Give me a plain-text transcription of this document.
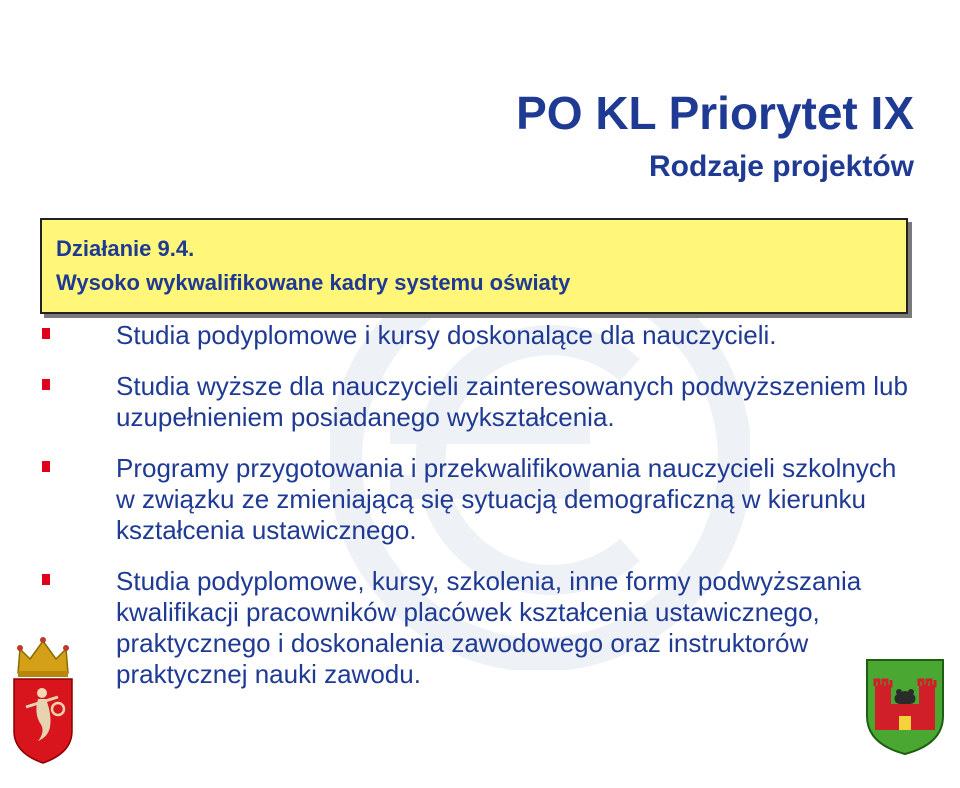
PO KL Priorytet IX
Rodzaje projektów
Działanie 9.4.
Wysoko wykwalifikowane kadry systemu oświaty
Studia podyplomowe i kursy doskonalące dla nauczycieli.
Studia wyższe dla nauczycieli zainteresowanych podwyższeniem lub uzupełnieniem posiadanego wykształcenia.
Programy przygotowania i przekwalifikowania nauczycieli szkolnych w związku ze zmieniającą się sytuacją demograficzną w kierunku kształcenia ustawicznego.
Studia podyplomowe, kursy, szkolenia, inne formy podwyższania kwalifikacji pracowników placówek kształcenia ustawicznego, praktycznego i doskonalenia zawodowego oraz instruktorów praktycznej nauki zawodu.
